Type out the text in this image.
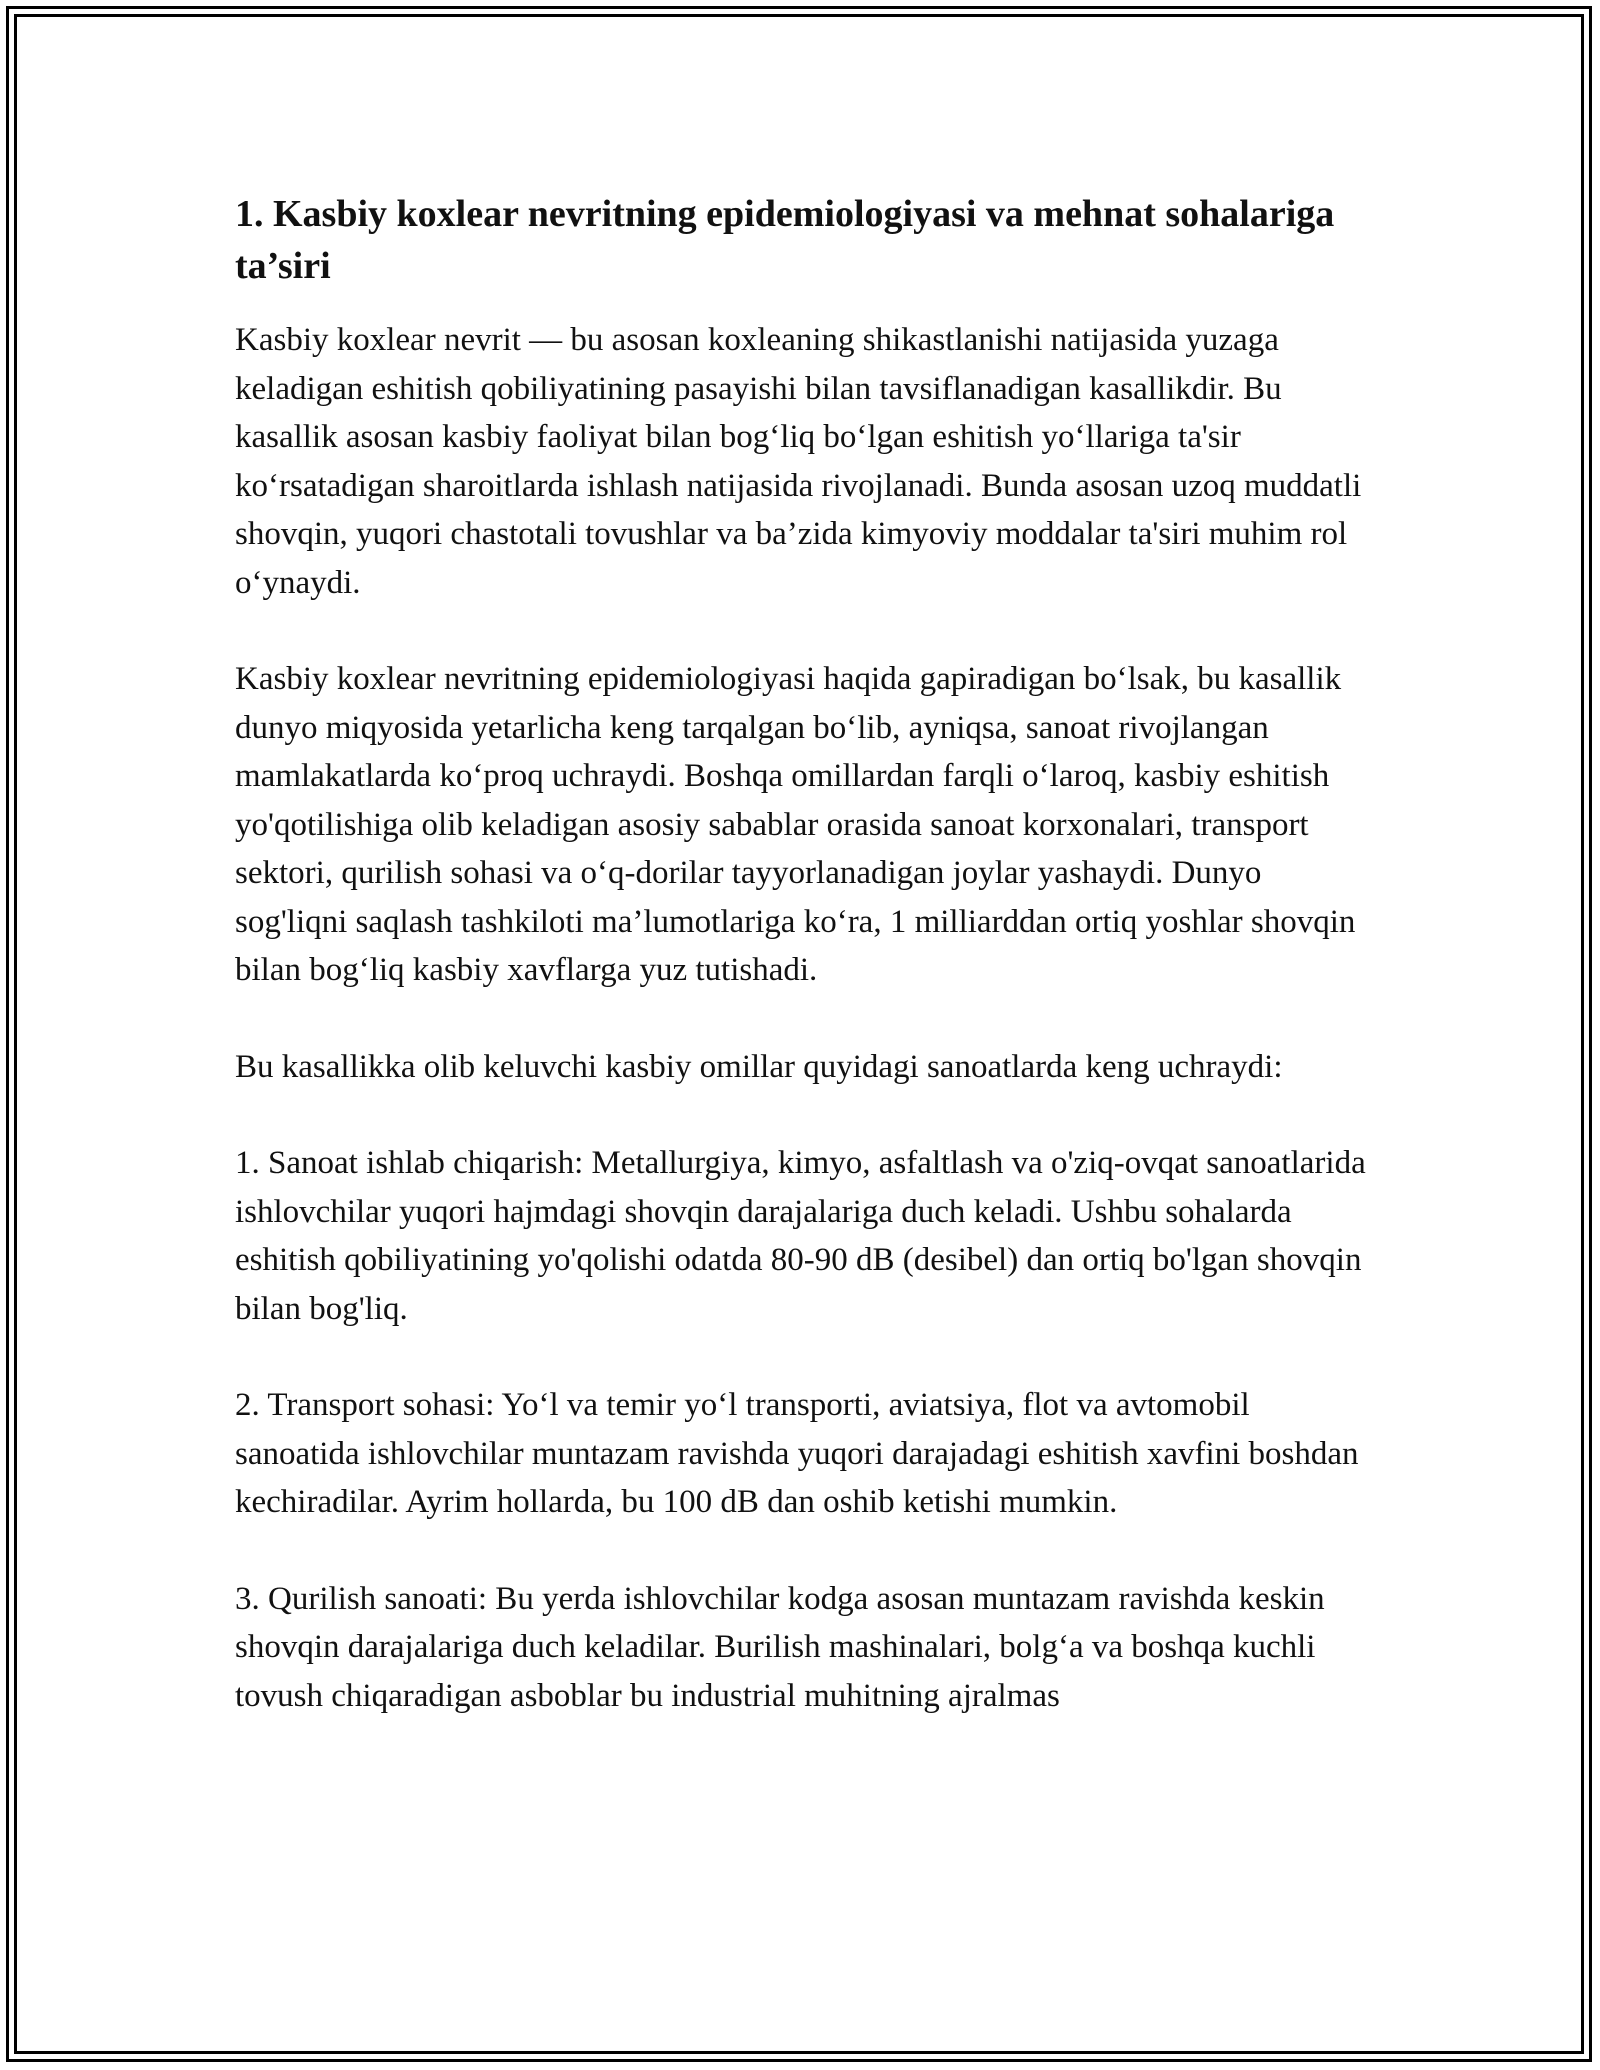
1. Kasbiy koxlear nevritning epidemiologiyasi va mehnat sohalariga ta’siri

Kasbiy koxlear nevrit — bu asosan koxleaning shikastlanishi natijasida yuzaga keladigan eshitish qobiliyatining pasayishi bilan tavsiflanadigan kasallikdir. Bu kasallik asosan kasbiy faoliyat bilan bog‘liq bo‘lgan eshitish yo‘llariga ta'sir ko‘rsatadigan sharoitlarda ishlash natijasida rivojlanadi. Bunda asosan uzoq muddatli shovqin, yuqori chastotali tovushlar va ba’zida kimyoviy moddalar ta'siri muhim rol o‘ynaydi.

Kasbiy koxlear nevritning epidemiologiyasi haqida gapiradigan bo‘lsak, bu kasallik dunyo miqyosida yetarlicha keng tarqalgan bo‘lib, ayniqsa, sanoat rivojlangan mamlakatlarda ko‘proq uchraydi. Boshqa omillardan farqli o‘laroq, kasbiy eshitish yo'qotilishiga olib keladigan asosiy sabablar orasida sanoat korxonalari, transport sektori, qurilish sohasi va o‘q-dorilar tayyorlanadigan joylar yashaydi. Dunyo sog'liqni saqlash tashkiloti ma’lumotlariga ko‘ra, 1 milliarddan ortiq yoshlar shovqin bilan bog‘liq kasbiy xavflarga yuz tutishadi.

Bu kasallikka olib keluvchi kasbiy omillar quyidagi sanoatlarda keng uchraydi:

1. Sanoat ishlab chiqarish: Metallurgiya, kimyo, asfaltlash va o'ziq-ovqat sanoatlarida ishlovchilar yuqori hajmdagi shovqin darajalariga duch keladi. Ushbu sohalarda eshitish qobiliyatining yo'qolishi odatda 80-90 dB (desibel) dan ortiq bo'lgan shovqin bilan bog'liq.

2. Transport sohasi: Yo‘l va temir yo‘l transporti, aviatsiya, flot va avtomobil sanoatida ishlovchilar muntazam ravishda yuqori darajadagi eshitish xavfini boshdan kechiradilar. Ayrim hollarda, bu 100 dB dan oshib ketishi mumkin.

3. Qurilish sanoati: Bu yerda ishlovchilar kodga asosan muntazam ravishda keskin shovqin darajalariga duch keladilar. Burilish mashinalari, bolg‘a va boshqa kuchli tovush chiqaradigan asboblar bu industrial muhitning ajralmas
